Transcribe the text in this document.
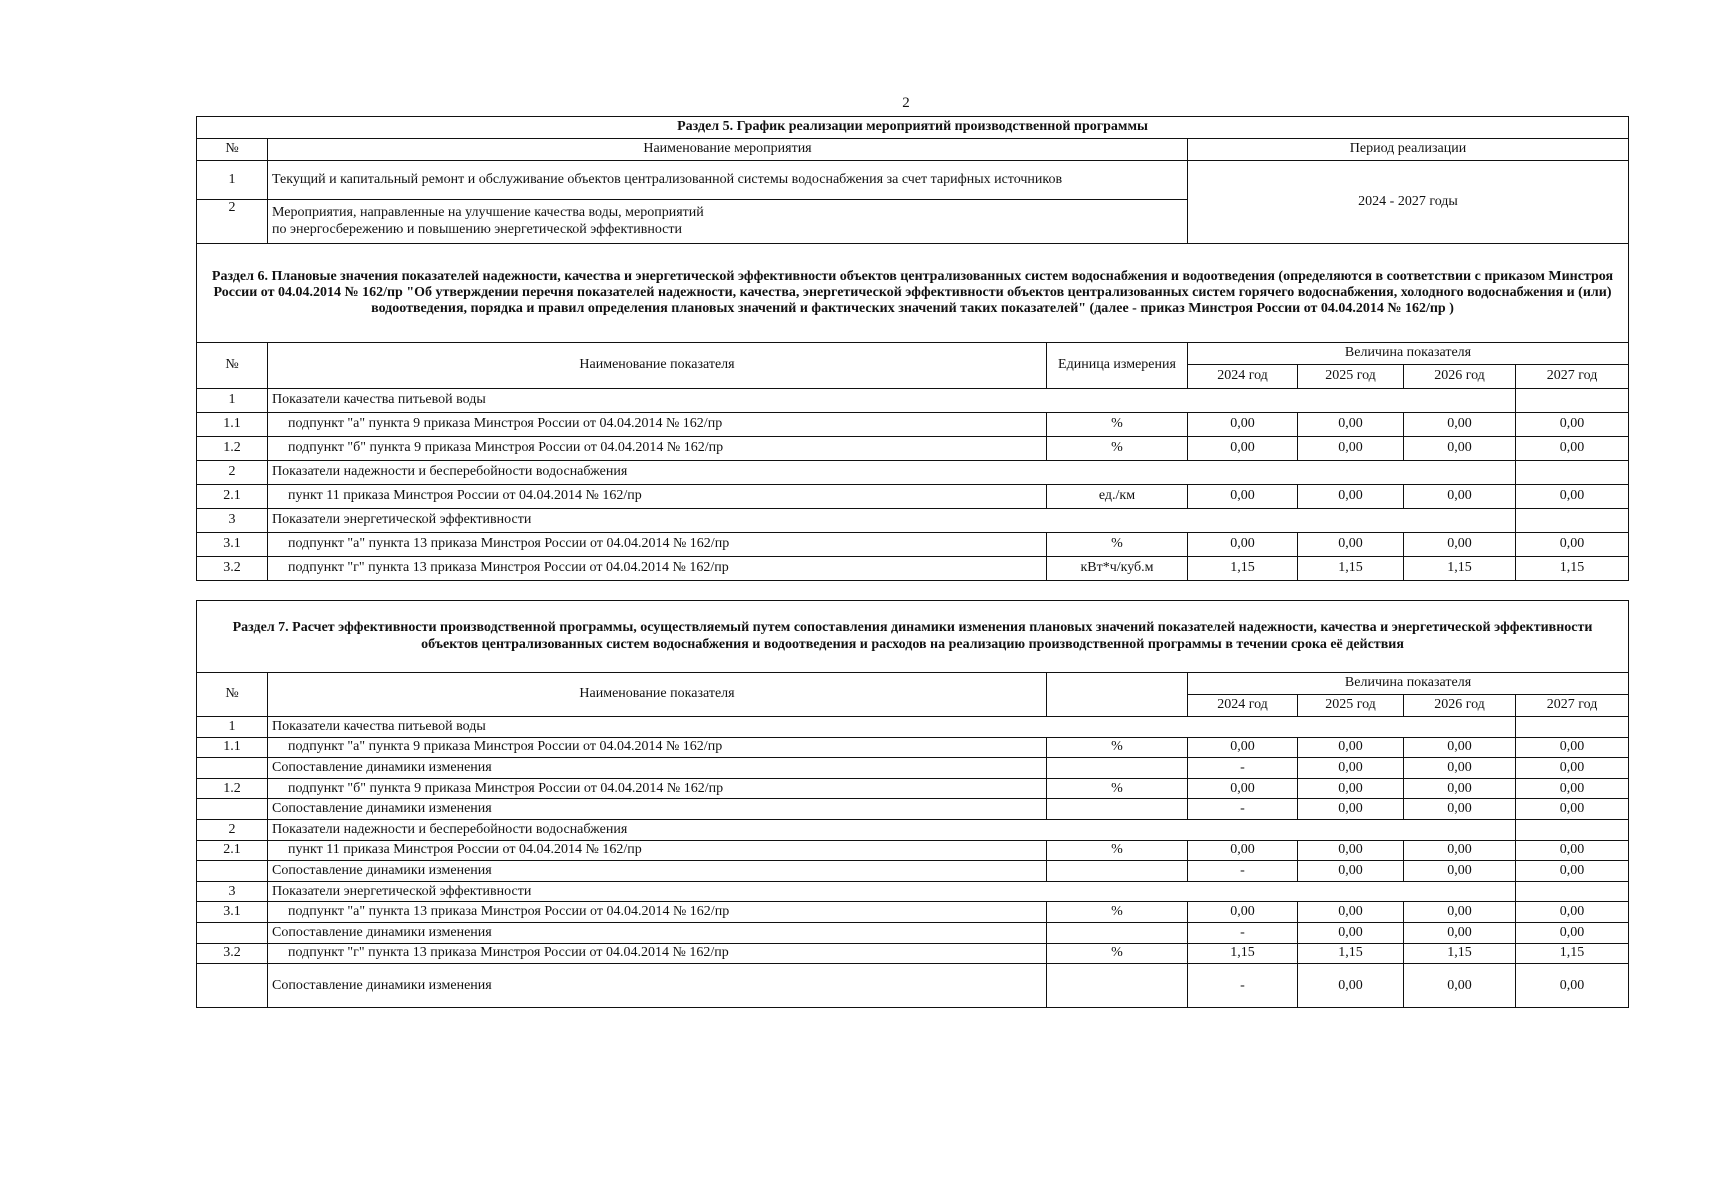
2
Раздел 5. График реализации мероприятий производственной программы		
№	Наименование мероприятия	Период реализации
1	Текущий и капитальный ремонт и обслуживание объектов централизованной системы водоснабжения за счет тарифных источников	2024 - 2027 годы
2	Мероприятия, направленные на улучшение качества воды, мероприятий
по энергосбережению и повышению энергетической эффективности	
Раздел 6. Плановые значения показателей надежности, качества и энергетической эффективности объектов централизованных систем водоснабжения и водоотведения (определяются в соответствии с приказом Минстроя России от 04.04.2014 № 162/пр "Об утверждении перечня показателей надежности, качества, энергетической эффективности объектов централизованных систем горячего водоснабжения, холодного водоснабжения и (или) водоотведения, порядка и правил определения плановых значений и фактических значений таких показателей" (далее - приказ Минстроя России от 04.04.2014 № 162/пр )						
№	Наименование показателя	Единица измерения	Величина показателя			
			2024 год	2025 год	2026 год	2027 год
1	Показатели качества питьевой воды					
1.1	подпункт "а" пункта 9 приказа Минстроя России от 04.04.2014 № 162/пр	%	0,00	0,00	0,00	0,00
1.2	подпункт "б" пункта 9 приказа Минстроя России от 04.04.2014 № 162/пр	%	0,00	0,00	0,00	0,00
2	Показатели надежности и бесперебойности водоснабжения					
2.1	пункт 11 приказа Минстроя России от 04.04.2014 № 162/пр	ед./км	0,00	0,00	0,00	0,00
3	Показатели энергетической эффективности					
3.1	подпункт "а" пункта 13 приказа Минстроя России от 04.04.2014 № 162/пр	%	0,00	0,00	0,00	0,00
3.2	подпункт "г" пункта 13 приказа Минстроя России от 04.04.2014 № 162/пр	кВт*ч/куб.м	1,15	1,15	1,15	1,15
Раздел 7. Расчет эффективности производственной программы, осуществляемый путем сопоставления динамики изменения плановых значений показателей надежности, качества и энергетической эффективности объектов централизованных систем водоснабжения и водоотведения и расходов на реализацию производственной программы в течении срока её действия						
№	Наименование показателя		Величина показателя			
			2024 год	2025 год	2026 год	2027 год
1	Показатели качества питьевой воды					
1.1	подпункт "а" пункта 9 приказа Минстроя России от 04.04.2014 № 162/пр	%	0,00	0,00	0,00	0,00
	Сопоставление динамики изменения		-	0,00	0,00	0,00
1.2	подпункт "б" пункта 9 приказа Минстроя России от 04.04.2014 № 162/пр	%	0,00	0,00	0,00	0,00
	Сопоставление динамики изменения		-	0,00	0,00	0,00
2	Показатели надежности и бесперебойности водоснабжения					
2.1	пункт 11 приказа Минстроя России от 04.04.2014 № 162/пр	%	0,00	0,00	0,00	0,00
	Сопоставление динамики изменения		-	0,00	0,00	0,00
3	Показатели энергетической эффективности					
3.1	подпункт "а" пункта 13 приказа Минстроя России от 04.04.2014 № 162/пр	%	0,00	0,00	0,00	0,00
	Сопоставление динамики изменения		-	0,00	0,00	0,00
3.2	подпункт "г" пункта 13 приказа Минстроя России от 04.04.2014 № 162/пр	%	1,15	1,15	1,15	1,15
	Сопоставление динамики изменения		-	0,00	0,00	0,00
